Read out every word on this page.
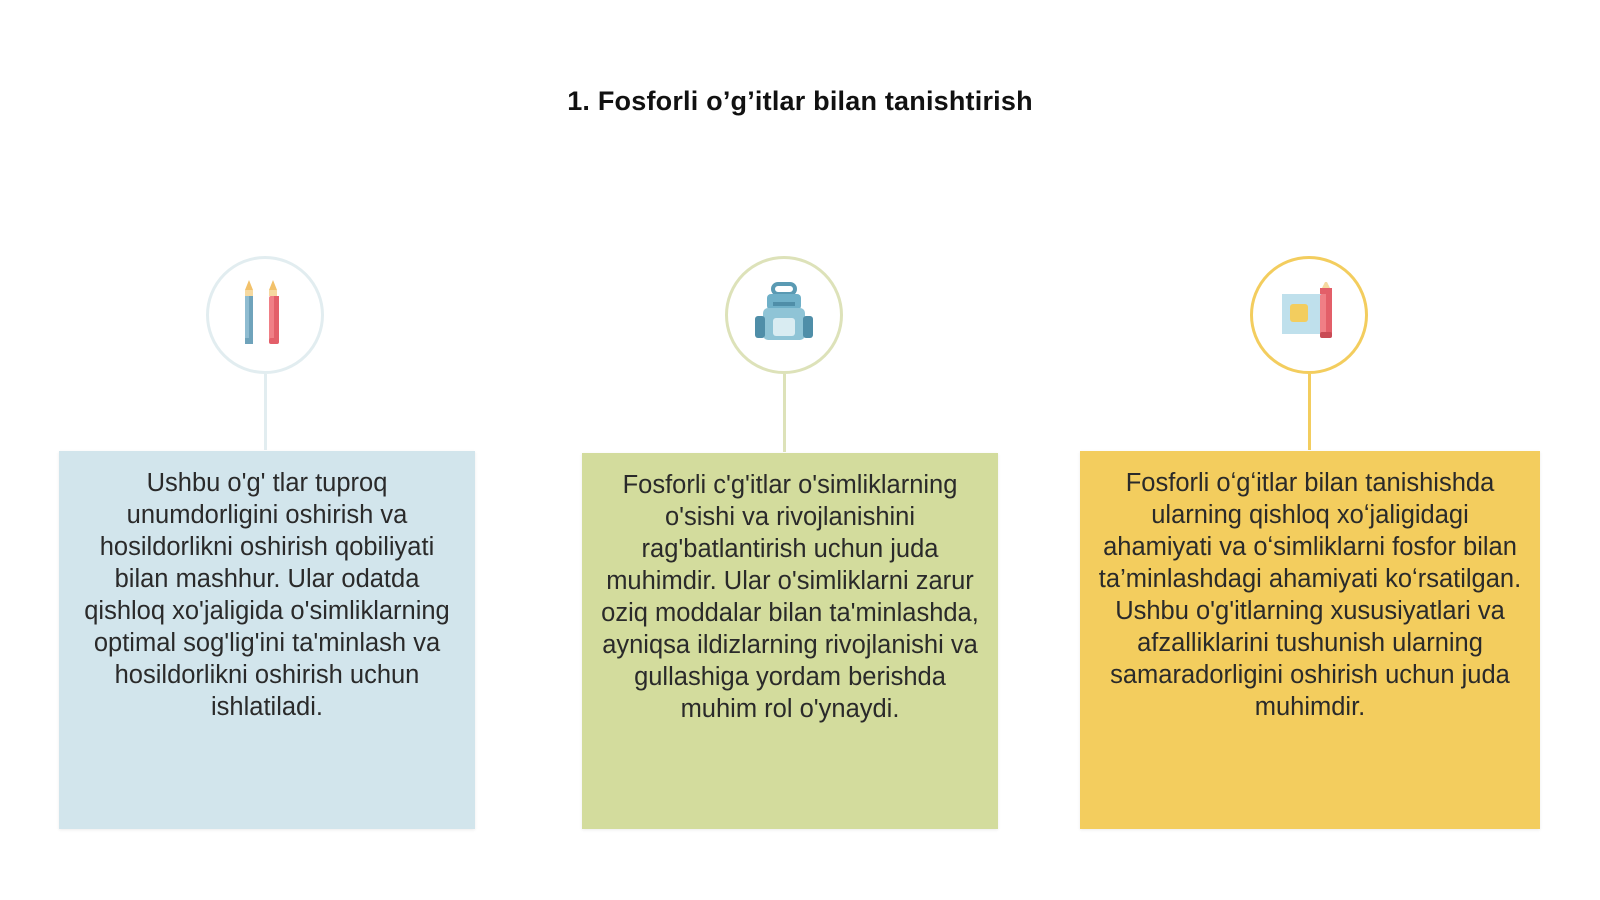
1. Fosforli o’g’itlar bilan tanishtirish
Ushbu o'g' tlar tuproq unumdorligini oshirish va hosildorlikni oshirish qobiliyati bilan mashhur. Ular odatda qishloq xo'jaligida o'simliklarning optimal sog'lig'ini ta'minlash va hosildorlikni oshirish uchun ishlatiladi.
Fosforli c'g'itlar o'simliklarning o'sishi va rivojlanishini rag'batlantirish uchun juda muhimdir. Ular o'simliklarni zarur oziq moddalar bilan ta'minlashda, ayniqsa ildizlarning rivojlanishi va gullashiga yordam berishda muhim rol o'ynaydi.
Fosforli oʻgʻitlar bilan tanishishda ularning qishloq xoʻjaligidagi ahamiyati va oʻsimliklarni fosfor bilan ta’minlashdagi ahamiyati koʻrsatilgan. Ushbu o'g'itlarning xususiyatlari va afzalliklarini tushunish ularning samaradorligini oshirish uchun juda muhimdir.
